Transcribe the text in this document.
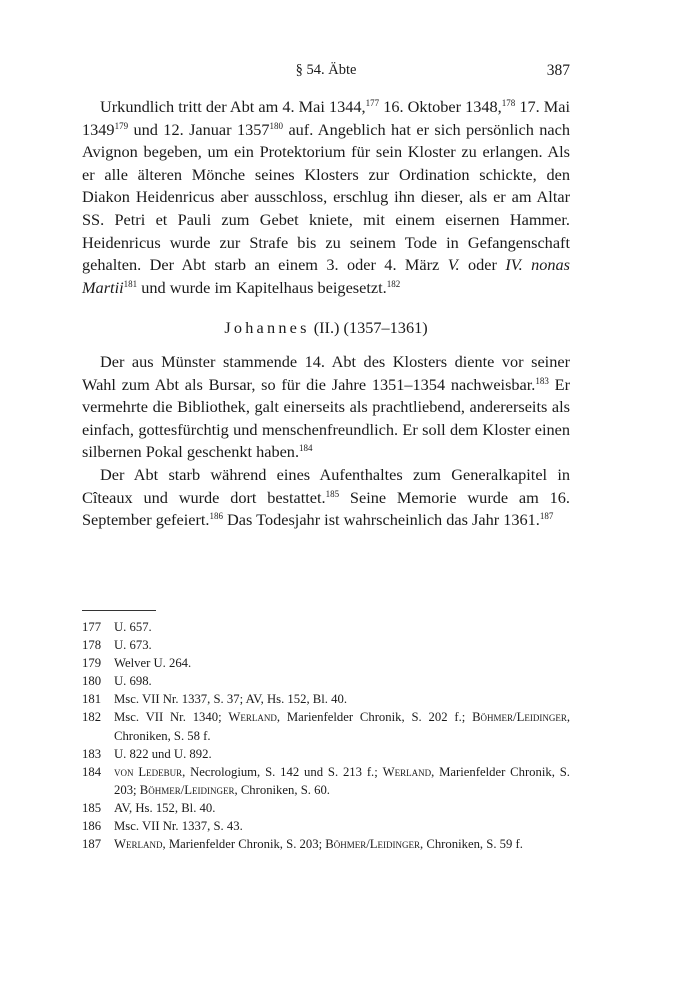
§ 54. Äbte	387

Urkundlich tritt der Abt am 4. Mai 1344,$^{177}$ 16. Oktober 1348,$^{178}$ 17. Mai 1349$^{179}$ und 12. Januar 1357$^{180}$ auf. Angeblich hat er sich persönlich nach Avignon begeben, um ein Protektorium für sein Kloster zu erlangen. Als er alle älteren Mönche seines Klosters zur Ordination schickte, den Diakon Heidenricus aber ausschloss, erschlug ihn dieser, als er am Altar SS. Petri et Pauli zum Gebet kniete, mit einem eisernen Hammer. Heidenricus wurde zur Strafe bis zu seinem Tode in Gefangenschaft gehalten. Der Abt starb an einem 3. oder 4. März V. oder IV. nonas Martii$^{181}$ und wurde im Kapitelhaus beigesetzt.$^{182}$

Johannes (II.) (1357–1361)

Der aus Münster stammende 14. Abt des Klosters diente vor seiner Wahl zum Abt als Bursar, so für die Jahre 1351–1354 nachweisbar.$^{183}$ Er vermehrte die Bibliothek, galt einerseits als prachtliebend, andererseits als einfach, gottesfürchtig und menschenfreundlich. Er soll dem Kloster einen silbernen Pokal geschenkt haben.$^{184}$

Der Abt starb während eines Aufenthaltes zum Generalkapitel in Cîteaux und wurde dort bestattet.$^{185}$ Seine Memorie wurde am 16. September gefeiert.$^{186}$ Das Todesjahr ist wahrscheinlich das Jahr 1361.$^{187}$

177	U. 657.
178	U. 673.
179	Welver U. 264.
180	U. 698.
181	Msc. VII Nr. 1337, S. 37; AV, Hs. 152, Bl. 40.
182	Msc. VII Nr. 1340; Werland, Marienfelder Chronik, S. 202 f.; Böhmer/Leidinger, Chroniken, S. 58 f.
183	U. 822 und U. 892.
184	von Ledebur, Necrologium, S. 142 und S. 213 f.; Werland, Marienfelder Chronik, S. 203; Böhmer/Leidinger, Chroniken, S. 60.
185	AV, Hs. 152, Bl. 40.
186	Msc. VII Nr. 1337, S. 43.
187	Werland, Marienfelder Chronik, S. 203; Böhmer/Leidinger, Chroniken, S. 59 f.
